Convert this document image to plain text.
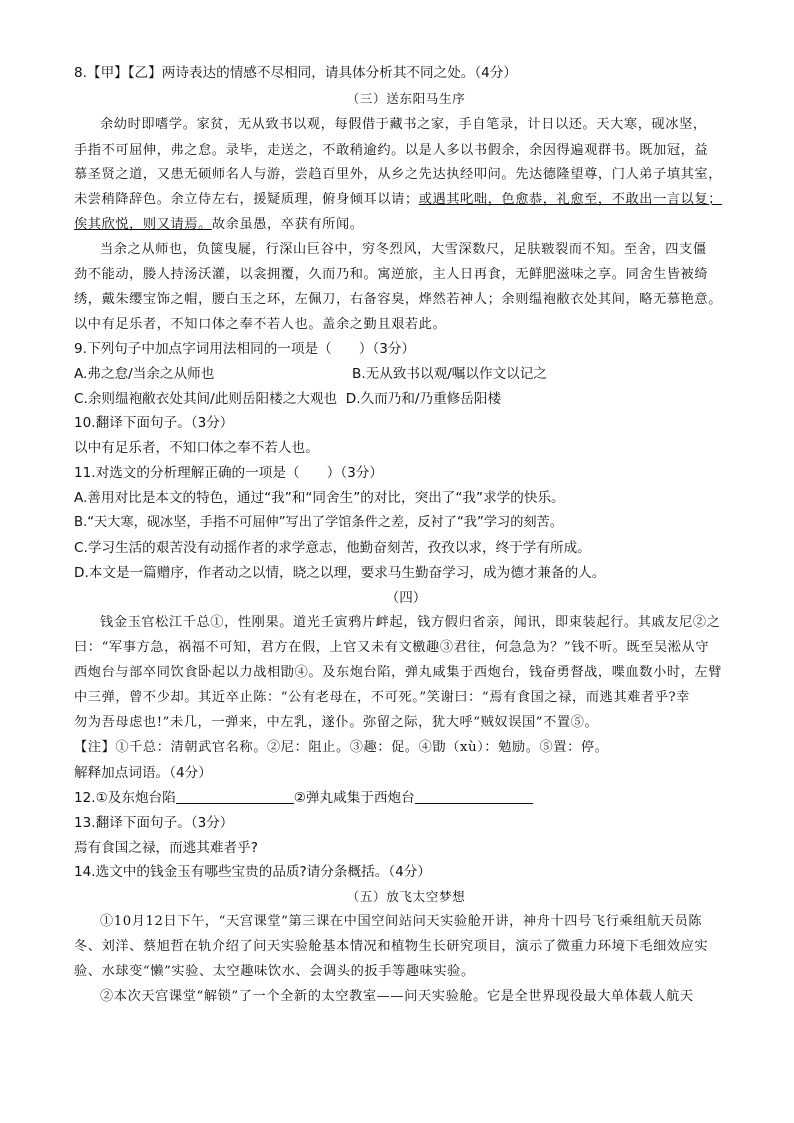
8.【甲】【乙】两诗表达的情感不尽相同，请具体分析其不同之处。（4分）
（三）送东阳马生序
余幼时即嗜学。家贫，无从致书以观，每假借于藏书之家，手自笔录，计日以还。天大寒，砚冰坚，
手指不可屈伸，弗之怠。录毕，走送之，不敢稍逾约。以是人多以书假余，余因得遍观群书。既加冠，益
慕圣贤之道，又患无硕师名人与游，尝趋百里外，从乡之先达执经叩问。先达德隆望尊，门人弟子填其室，
未尝稍降辞色。余立侍左右，援疑质理，俯身倾耳以请；或遇其叱咄，色愈恭，礼愈至，不敢出一言以复；
俟其欣悦，则又请焉。故余虽愚，卒获有所闻。
当余之从师也，负箧曳屣，行深山巨谷中，穷冬烈风，大雪深数尺，足肤皲裂而不知。至舍，四支僵
劲不能动，媵人持汤沃灌，以衾拥覆，久而乃和。寓逆旅，主人日再食，无鲜肥滋味之享。同舍生皆被绮
绣，戴朱缨宝饰之帽，腰白玉之环，左佩刀，右备容臭，烨然若神人；余则缊袍敝衣处其间，略无慕艳意。
以中有足乐者，不知口体之奉不若人也。盖余之勤且艰若此。
9.下列句子中加点字词用法相同的一项是（　　）（3分）
A.弗之怠/当余之从师也	B.无从致书以观/嘱以作文以记之
C.余则缊袍敝衣处其间/此则岳阳楼之大观也 D.久而乃和/乃重修岳阳楼
10.翻译下面句子。（3分）
以中有足乐者，不知口体之奉不若人也。
11.对选文的分析理解正确的一项是（　　）（3分）
A.善用对比是本文的特色，通过“我”和“同舍生”的对比，突出了“我”求学的快乐。
B.“天大寒，砚冰坚，手指不可屈伸”写出了学馆条件之差，反衬了“我”学习的刻苦。
C.学习生活的艰苦没有动摇作者的求学意志，他勤奋刻苦，孜孜以求，终于学有所成。
D.本文是一篇赠序，作者动之以情，晓之以理，要求马生勤奋学习，成为德才兼备的人。
（四）
钱金玉官松江千总①，性刚果。道光壬寅鸦片衅起，钱方假归省亲，闻讯，即束装起行。其戚友尼②之
曰：“军事方急，祸福不可知，君方在假，上官又未有文檄趣③君往，何急急为？”钱不听。既至吴淞从守
西炮台与部卒同饮食卧起以力战相勖④。及东炮台陷，弹丸咸集于西炮台，钱奋勇督战，喋血数小时，左臂
中三弹，曾不少却。其近卒止陈：“公有老母在，不可死。”笑谢曰：“焉有食国之禄，而逃其难者乎?幸
勿为吾母虑也!”未几，一弹来，中左乳，遂仆。弥留之际，犹大呼“贼奴误国”不置⑤。
【注】①千总：清朝武官名称。②尼：阻止。③趣：促。④勖（xù）：勉励。⑤置：停。
解释加点词语。（4分）
12.①及东炮台陷	②弹丸咸集于西炮台
13.翻译下面句子。（3分）
焉有食国之禄，而逃其难者乎?
14.选文中的钱金玉有哪些宝贵的品质?请分条概括。（4分）
（五）放飞太空梦想
①10月12日下午，“天宫课堂”第三课在中国空间站问天实验舱开讲，神舟十四号飞行乘组航天员陈
冬、刘洋、蔡旭哲在轨介绍了问天实验舱基本情况和植物生长研究项目，演示了微重力环境下毛细效应实
验、水球变“懒”实验、太空趣味饮水、会调头的扳手等趣味实验。
②本次天宫课堂“解锁”了一个全新的太空教室——问天实验舱。它是全世界现役最大单体载人航天
